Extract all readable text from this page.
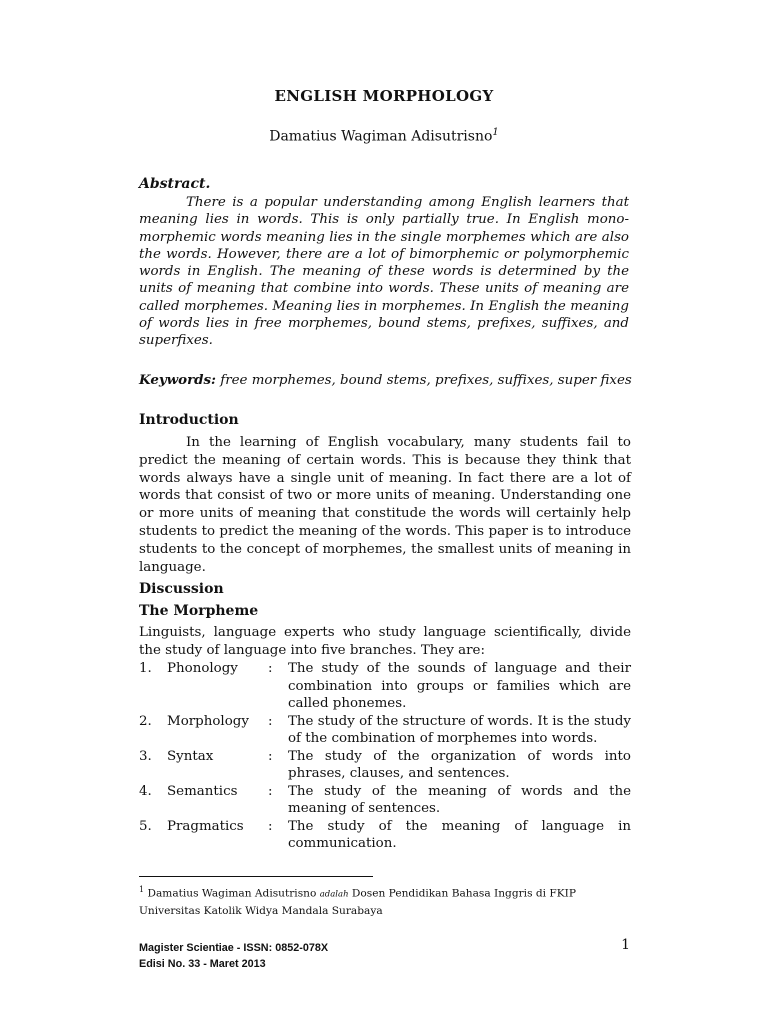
ENGLISH MORPHOLOGY
Damatius Wagiman Adisutrisno$^1$
Abstract.

There is a popular understanding among English learners that meaning lies in words. This is only partially true. In English mono-morphemic words meaning lies in the single morphemes which are also the words. However, there are a lot of bimorphemic or polymorphemic words in English. The meaning of these words is determined by the units of meaning that combine into words. These units of meaning are called morphemes. Meaning lies in morphemes. In English the meaning of words lies in free morphemes, bound stems, prefixes, suffixes, and superfixes.

Keywords: free morphemes, bound stems, prefixes, suffixes, super fixes
Introduction

In the learning of English vocabulary, many students fail to predict the meaning of certain words. This is because they think that words always have a single unit of meaning. In fact there are a lot of words that consist of two or more units of meaning. Understanding one or more units of meaning that constitude the words will certainly help students to predict the meaning of the words. This paper is to introduce students to the concept of morphemes, the smallest units of meaning in language.

Discussion
The Morpheme

Linguists, language experts who study language scientifically, divide the study of language into five branches. They are:

1. Phonology : The study of the sounds of language and their combination into groups or families which are called phonemes.
2. Morphology : The study of the structure of words. It is the study of the combination of morphemes into words.
3. Syntax	: The study of the organization of words into phrases, clauses, and sentences.
4. Semantics : The study of the meaning of words and the meaning of sentences.
5. Pragmatics : The study of the meaning of language in communication.
$^1$ Damatius Wagiman Adisutrisno adalah Dosen Pendidikan Bahasa Inggris di FKIP
Universitas Katolik Widya Mandala Surabaya
Magister Scientiae - ISSN: 0852-078X
Edisi No. 33 - Maret 2013
1
